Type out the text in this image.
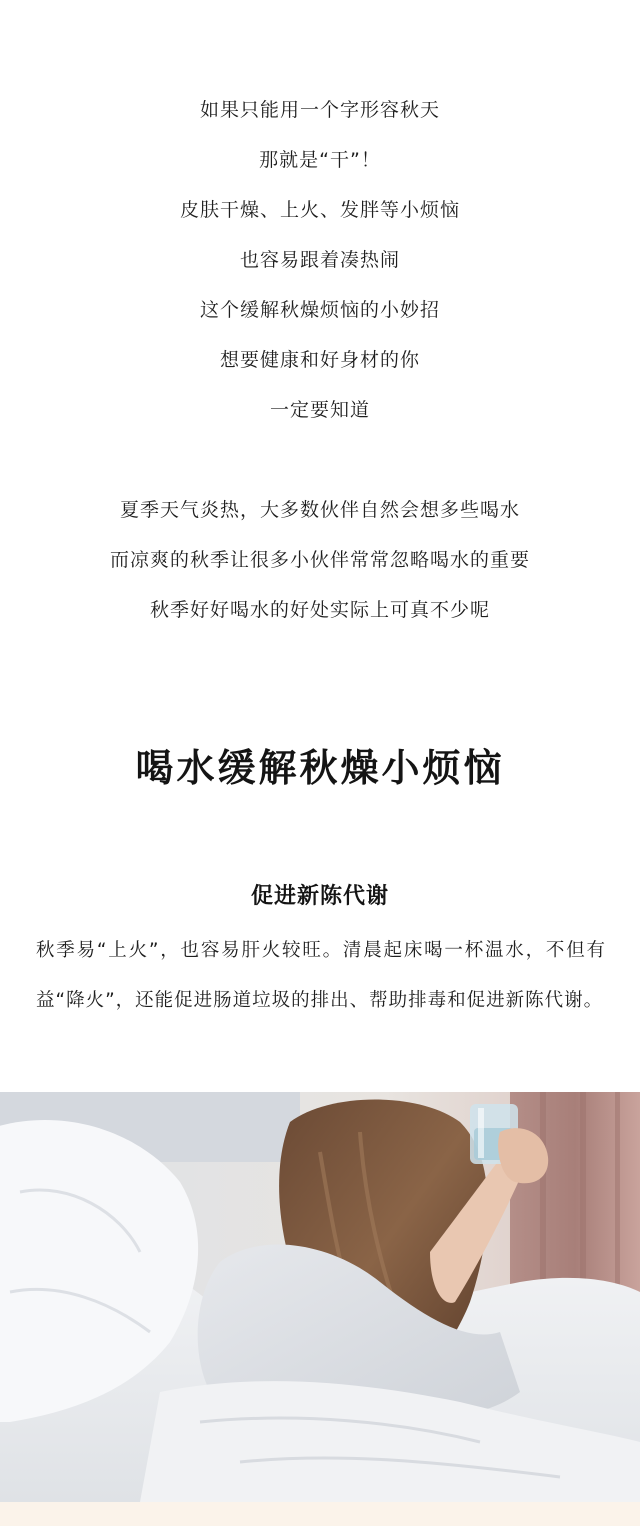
如果只能用一个字形容秋天
那就是“干”！
皮肤干燥、上火、发胖等小烦恼
也容易跟着凑热闹
这个缓解秋燥烦恼的小妙招
想要健康和好身材的你
一定要知道
夏季天气炎热，大多数伙伴自然会想多些喝水
而凉爽的秋季让很多小伙伴常常忽略喝水的重要
秋季好好喝水的好处实际上可真不少呢
喝水缓解秋燥小烦恼
促进新陈代谢

秋季易“上火”，也容易肝火较旺。清晨起床喝一杯温水，不但有益“降火”，还能促进肠道垃圾的排出、帮助排毒和促进新陈代谢。
